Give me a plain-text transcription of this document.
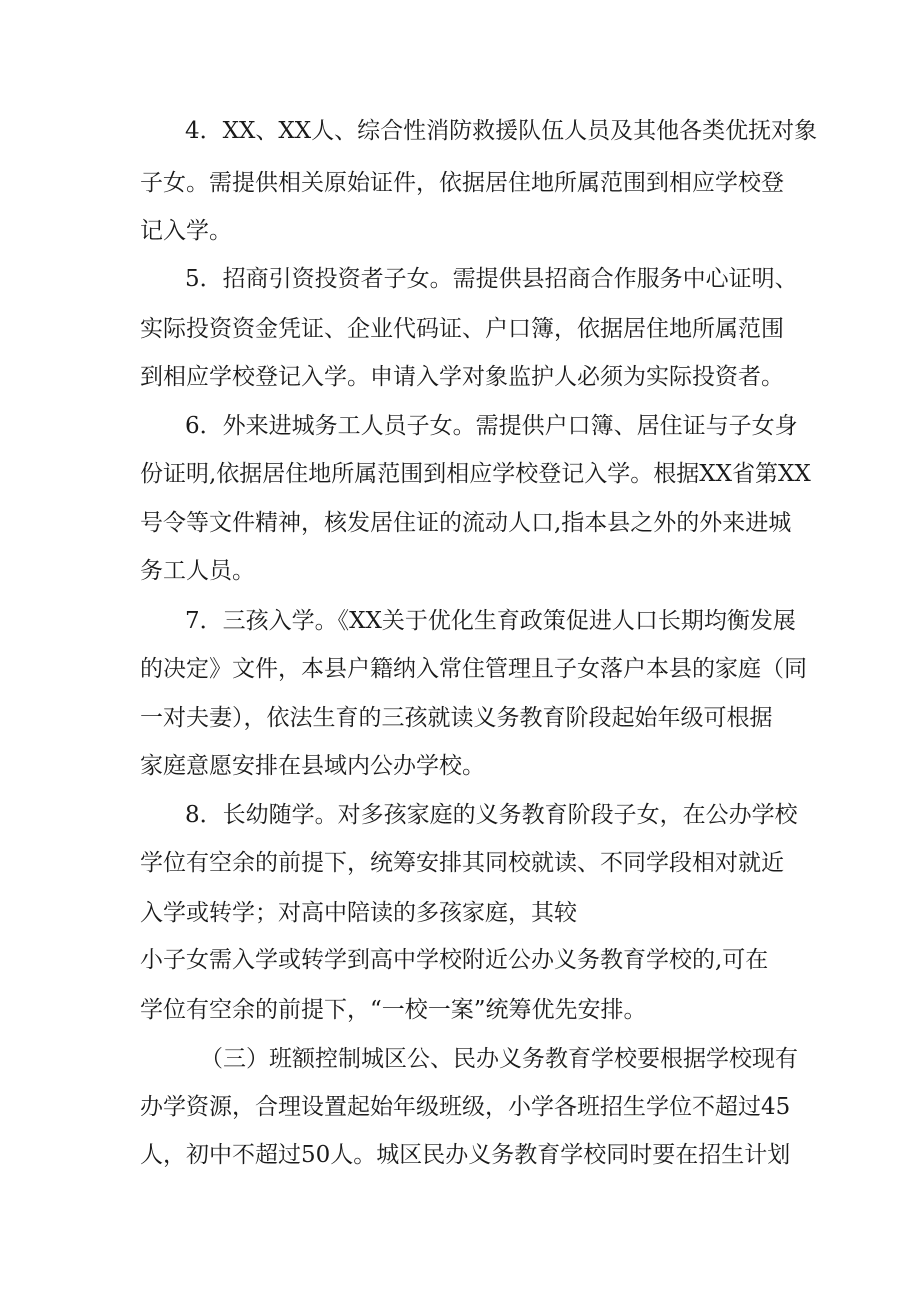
4．XX、XX人、综合性消防救援队伍人员及其他各类优抚对象
子女。需提供相关原始证件，依据居住地所属范围到相应学校登
记入学。
5．招商引资投资者子女。需提供县招商合作服务中心证明、
实际投资资金凭证、企业代码证、户口簿，依据居住地所属范围
到相应学校登记入学。申请入学对象监护人必须为实际投资者。
6．外来进城务工人员子女。需提供户口簿、居住证与子女身
份证明,依据居住地所属范围到相应学校登记入学。根据XX省第XX
号令等文件精神，核发居住证的流动人口,指本县之外的外来进城
务工人员。
7．三孩入学。《XX关于优化生育政策促进人口长期均衡发展
的决定》文件，本县户籍纳入常住管理且子女落户本县的家庭（同
一对夫妻），依法生育的三孩就读义务教育阶段起始年级可根据
家庭意愿安排在县域内公办学校。
8．长幼随学。对多孩家庭的义务教育阶段子女，在公办学校
学位有空余的前提下，统筹安排其同校就读、不同学段相对就近
入学或转学；对高中陪读的多孩家庭，其较
小子女需入学或转学到高中学校附近公办义务教育学校的,可在
学位有空余的前提下，“一校一案”统筹优先安排。
（三）班额控制城区公、民办义务教育学校要根据学校现有
办学资源，合理设置起始年级班级，小学各班招生学位不超过45
人，初中不超过50人。城区民办义务教育学校同时要在招生计划
